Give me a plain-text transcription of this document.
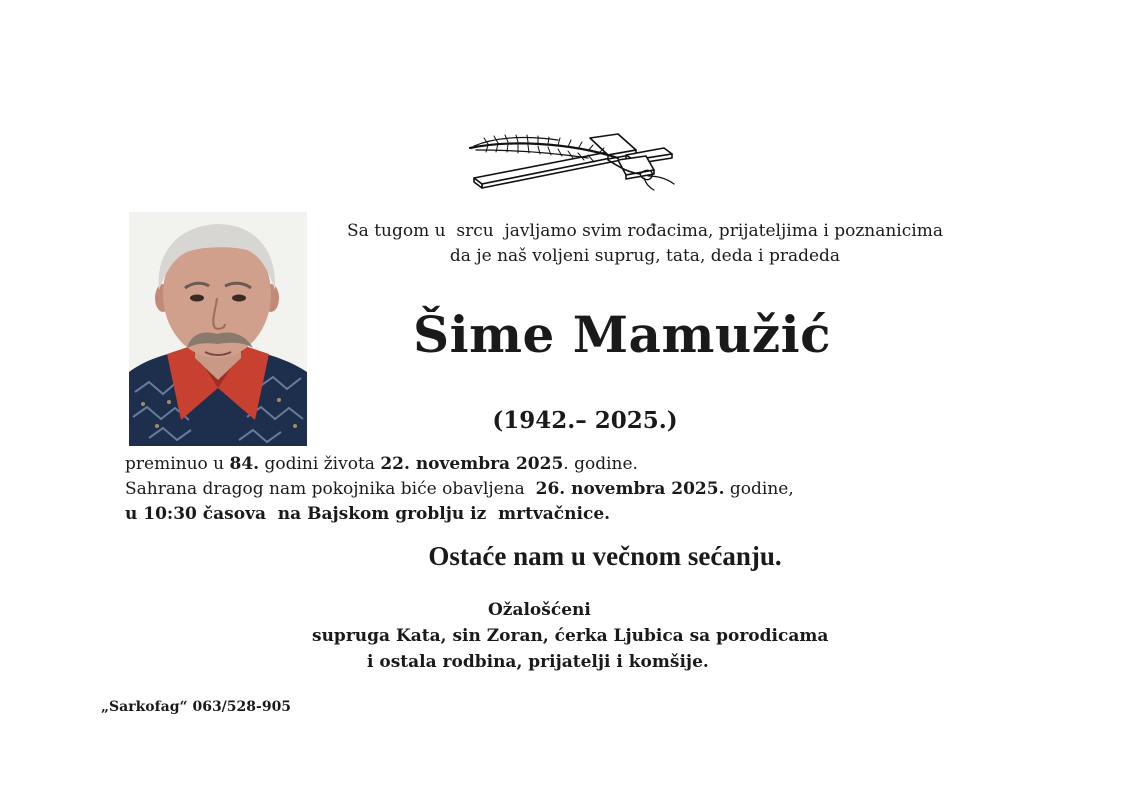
Sa tugom u  srcu  javljamo svim rođacima, prijateljima i poznanicima
da je naš voljeni suprug, tata, deda i pradeda
Šime Mamužić
(1942.– 2025.)
preminuo u 84. godini života 22. novembra 2025. godine.
Sahrana dragog nam pokojnika biće obavljena  26. novembra 2025. godine,
u 10:30 časova  na Bajskom groblju iz  mrtvačnice.
Ostaće nam u večnom sećanju.
Ožalošćeni
supruga Kata, sin Zoran, ćerka Ljubica sa porodicama
i ostala rodbina, prijatelji i komšije.
„Sarkofag“ 063/528-905
